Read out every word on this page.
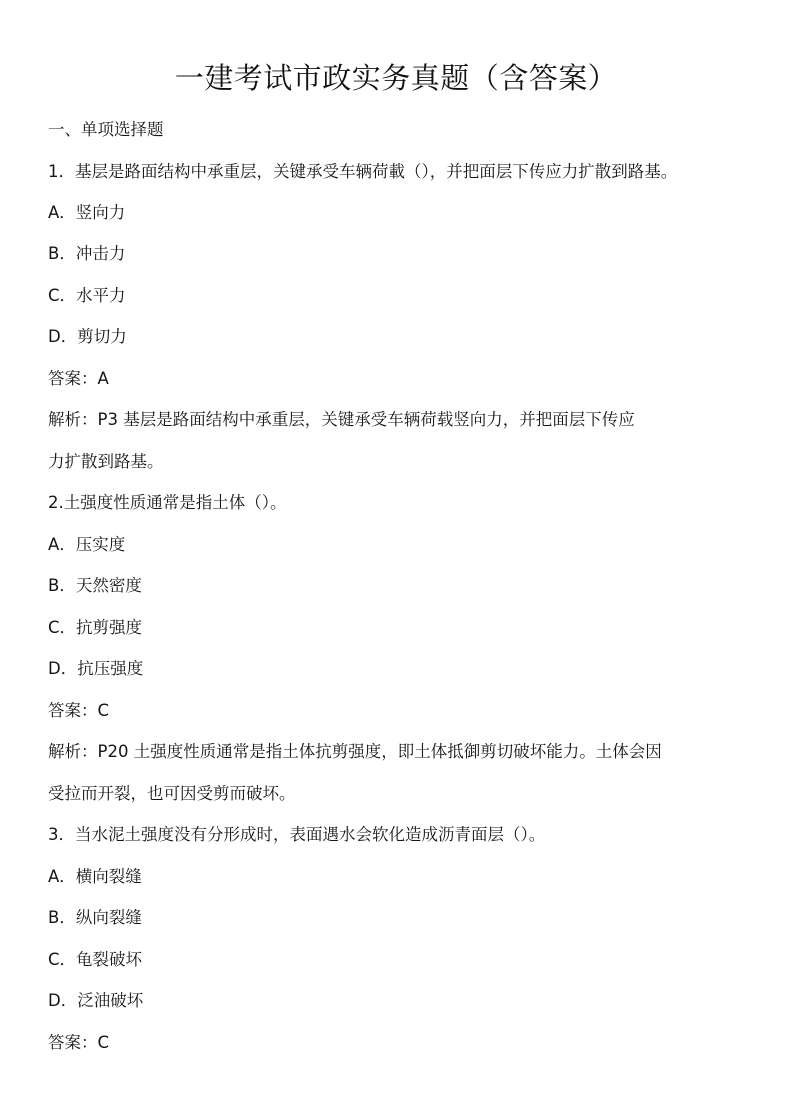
一建考试市政实务真题（含答案）
一、单项选择题
1．基层是路面结构中承重层，关键承受车辆荷載（），并把面层下传应力扩散到路基。
A．竖向力
B．冲击力
C．水平力
D．剪切力
答案：A
解析：P3 基层是路面结构中承重层，关键承受车辆荷载竖向力，并把面层下传应
力扩散到路基。
2.土强度性质通常是指土体（）。
A．压实度
B．天然密度
C．抗剪强度
D．抗压强度
答案：C
解析：P20 土强度性质通常是指土体抗剪强度，即土体抵御剪切破坏能力。土体会因
受拉而开裂，也可因受剪而破坏。
3．当水泥土强度没有分形成时，表面遇水会软化造成沥青面层（）。
A．横向裂缝
B．纵向裂缝
C．龟裂破坏
D．泛油破坏
答案：C
